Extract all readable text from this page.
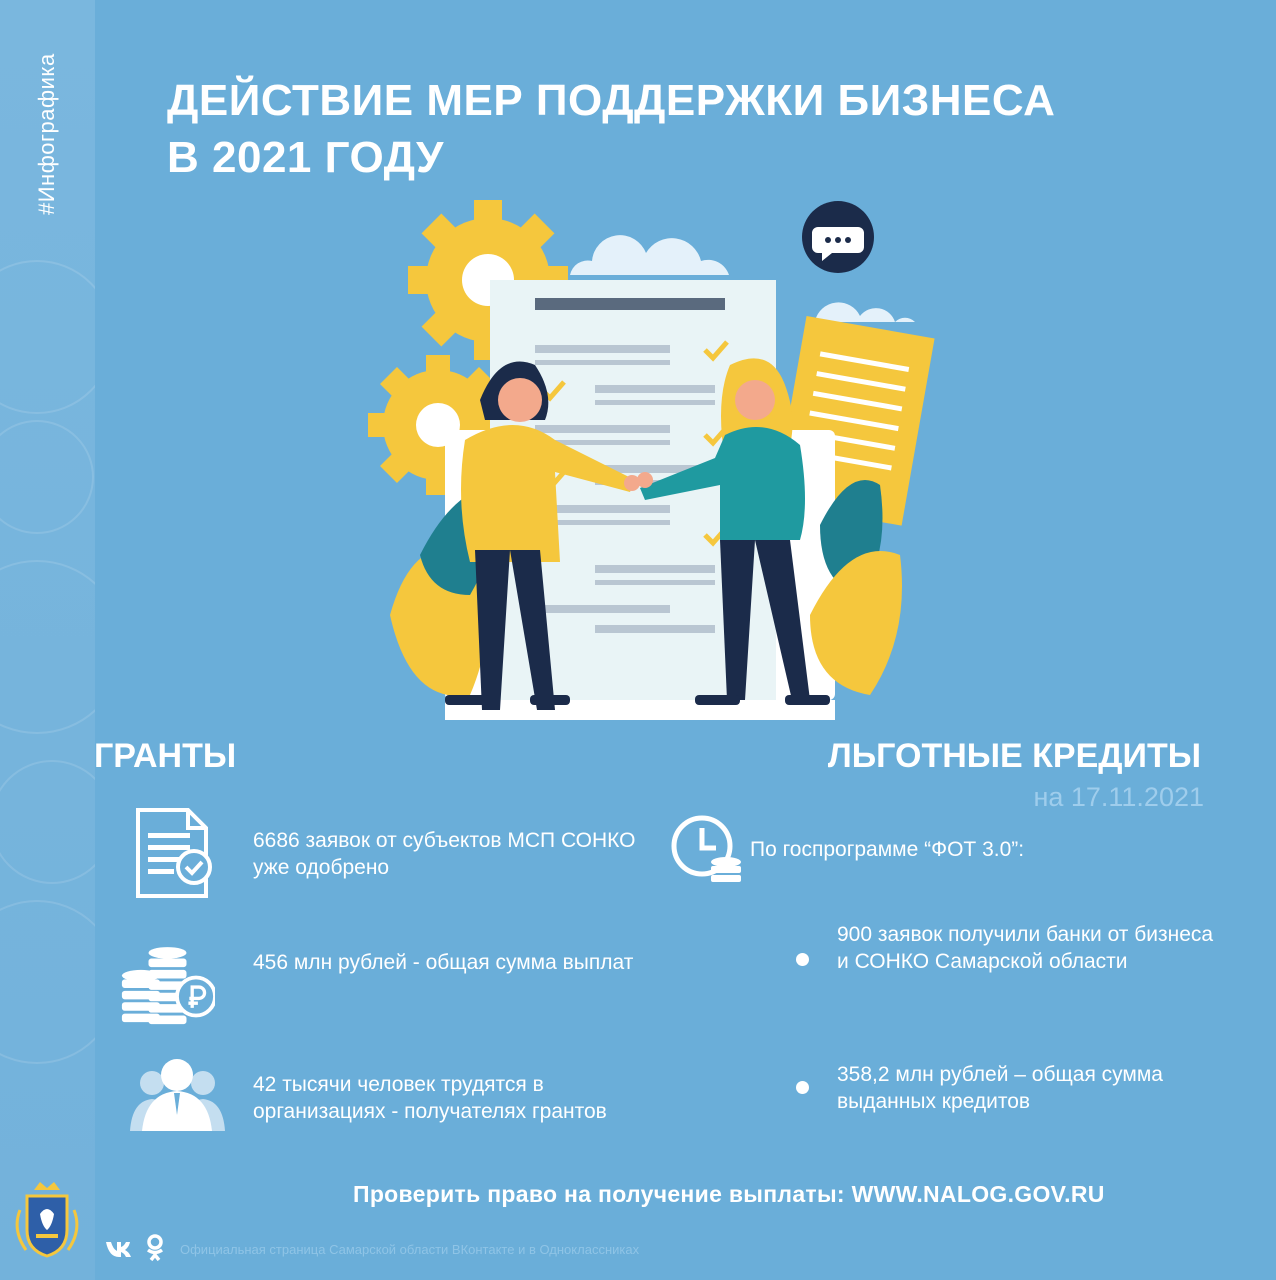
#Инфографика ДЕЙСТВИЕ МЕР ПОДДЕРЖКИ БИЗНЕСА
В 2021 ГОДУ
ГРАНТЫ	ЛЬГОТНЫЕ КРЕДИТЫ
на 17.11.2021
6686 заявок от субъектов МСП СОНКО уже одобрено
456 млн рублей - общая сумма выплат
42 тысячи человек трудятся в организациях - получателях грантов
По госпрограмме “ФОТ 3.0”:
900 заявок получили банки от бизнеса и СОНКО Самарской области
358,2 млн рублей – общая сумма выданных кредитов
Проверить право на получение выплаты: WWW.NALOG.GOV.RU
Официальная страница Самарской области ВКонтакте и в Одноклассниках
